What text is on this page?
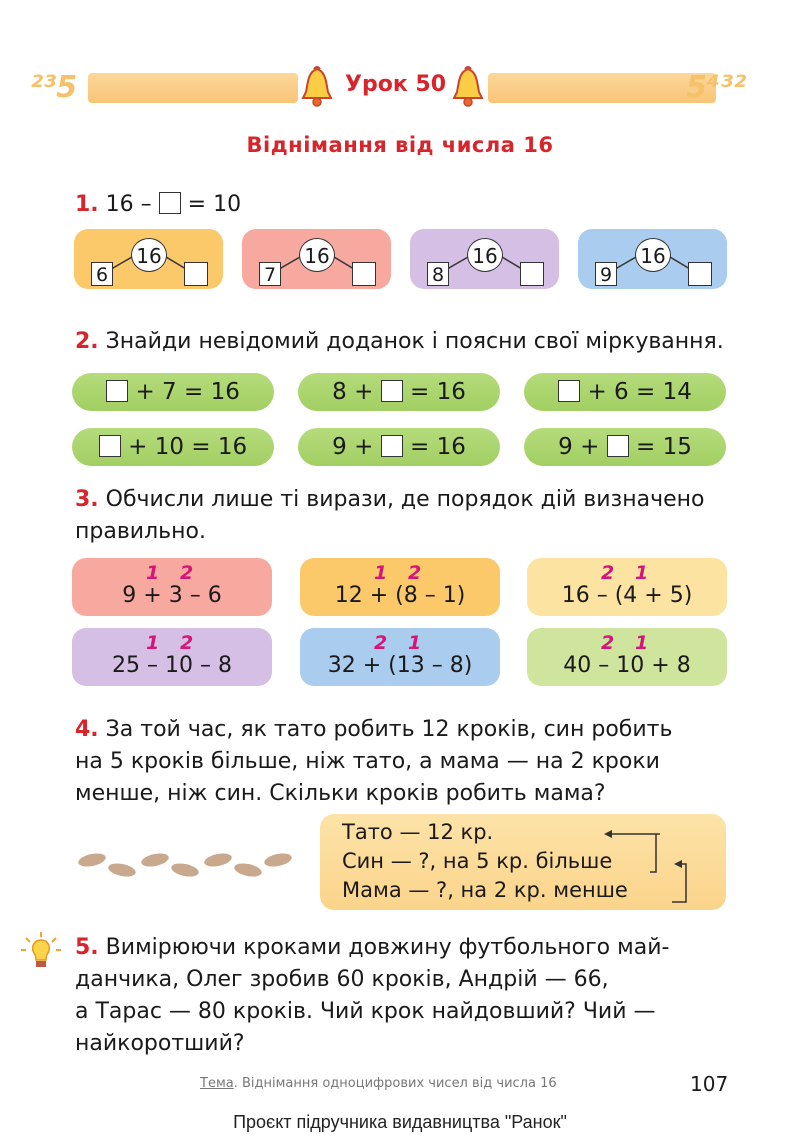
²³5	5⁴³²
Урок 50
Віднімання від числа 16
1. 16 – = 10
16
6
16
7
16
8
16
9
2. Знайди невідомий доданок і поясни свої міркування.
+ 7 = 16	8 + = 16	+ 6 = 14
+ 10 = 16	9 + = 16	9 + = 15
3. Обчисли лише ті вирази, де порядок дій визначено
правильно.
1 2
9 + 3 – 6
1 2
12 + (8 – 1)
2 1
16 – (4 + 5)
1 2
25 – 10 – 8
2 1
32 + (13 – 8)
2 1
40 – 10 + 8
4. За той час, як тато робить 12 кроків, син робить
на 5 кроків більше, ніж тато, а мама — на 2 кроки
менше, ніж син. Скільки кроків робить мама?
Тато — 12 кр.
Син — ?, на 5 кр. більше
Мама — ?, на 2 кр. менше
5. Вимірюючи кроками довжину футбольного май-
данчика, Олег зробив 60 кроків, Андрій — 66,
а Тарас — 80 кроків. Чий крок найдовший? Чий —
найкоротший?
Тема. Віднімання одноцифрових чисел від числа 16	107
Проєкт підручника видавництва "Ранок"
